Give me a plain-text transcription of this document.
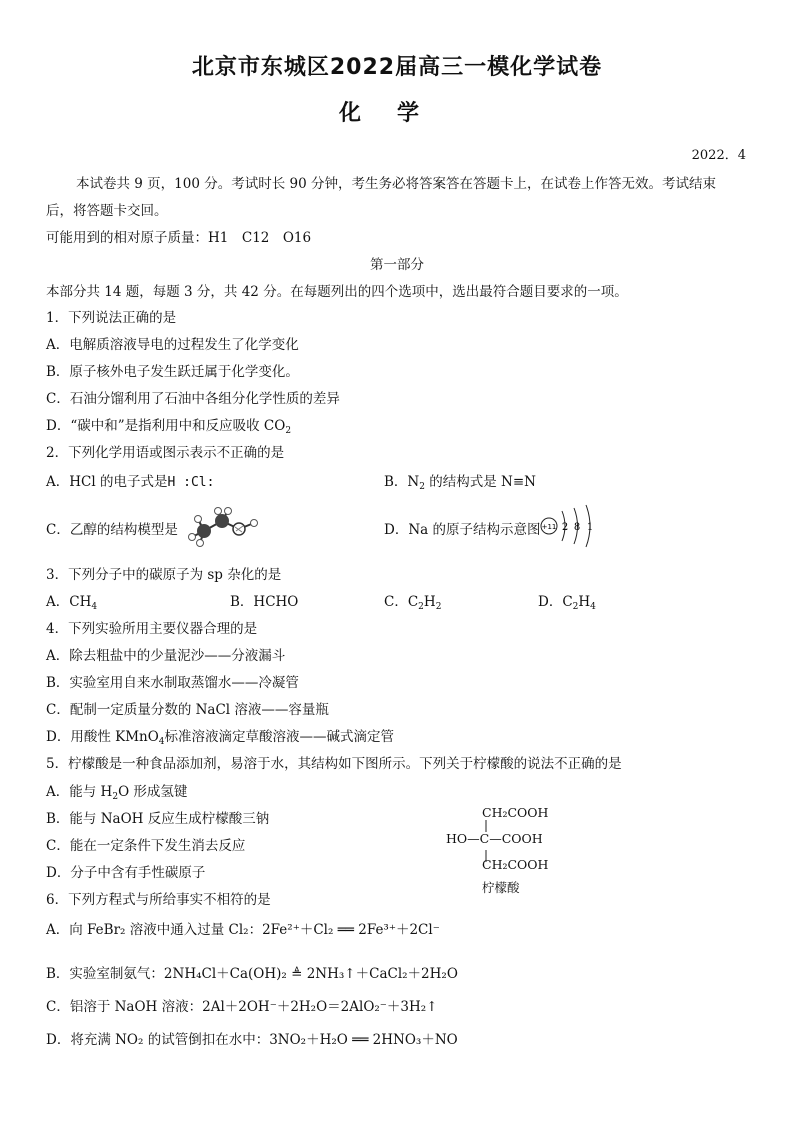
北京市东城区2022届高三一模化学试卷
化学
2022．4
本试卷共 9 页，100 分。考试时长 90 分钟，考生务必将答案答在答题卡上，在试卷上作答无效。考试结束
后，将答题卡交回。
可能用到的相对原子质量：H1　C12　O16
第一部分
本部分共 14 题，每题 3 分，共 42 分。在每题列出的四个选项中，选出最符合题目要求的一项。
1．下列说法正确的是
A．电解质溶液导电的过程发生了化学变化
B．原子核外电子发生跃迁属于化学变化。
C．石油分馏利用了石油中各组分化学性质的差异
D．“碳中和”是指利用中和反应吸收 $CO_2$
2．下列化学用语或图示表示不正确的是
A．HCl 的电子式是H :Cl:	B．$N_2$ 的结构式是 N≡N
C．乙醇的结构模型是	D．Na 的原子结构示意图 +11 2 8 1
3．下列分子中的碳原子为 sp 杂化的是
A．$CH_4$	B．HCHO	C．$C_2H_2$	D．$C_2H_4$
4．下列实验所用主要仪器合理的是
A．除去粗盐中的少量泥沙——分液漏斗
B．实验室用自来水制取蒸馏水——冷凝管
C．配制一定质量分数的 NaCl 溶液——容量瓶
D．用酸性 KMnO$_4$标准溶液滴定草酸溶液——碱式滴定管
5．柠檬酸是一种食品添加剂，易溶于水，其结构如下图所示。下列关于柠檬酸的说法不正确的是
A．能与 $H_2O$ 形成氢键
B．能与 NaOH 反应生成柠檬酸三钠
C．能在一定条件下发生消去反应
D．分子中含有手性碳原子
CH₂COOH
HO—C—COOH
CH₂COOH
柠檬酸
6．下列方程式与所给事实不相符的是
A．向 FeBr₂ 溶液中通入过量 Cl₂：2Fe²⁺＋Cl₂ ══ 2Fe³⁺＋2Cl⁻
B．实验室制氨气：2NH₄Cl＋Ca(OH)₂ ≜ 2NH₃↑＋CaCl₂＋2H₂O
C．铝溶于 NaOH 溶液：2Al＋2OH⁻＋2H₂O＝2AlO₂⁻＋3H₂↑
D．将充满 NO₂ 的试管倒扣在水中：3NO₂＋H₂O ══ 2HNO₃＋NO
